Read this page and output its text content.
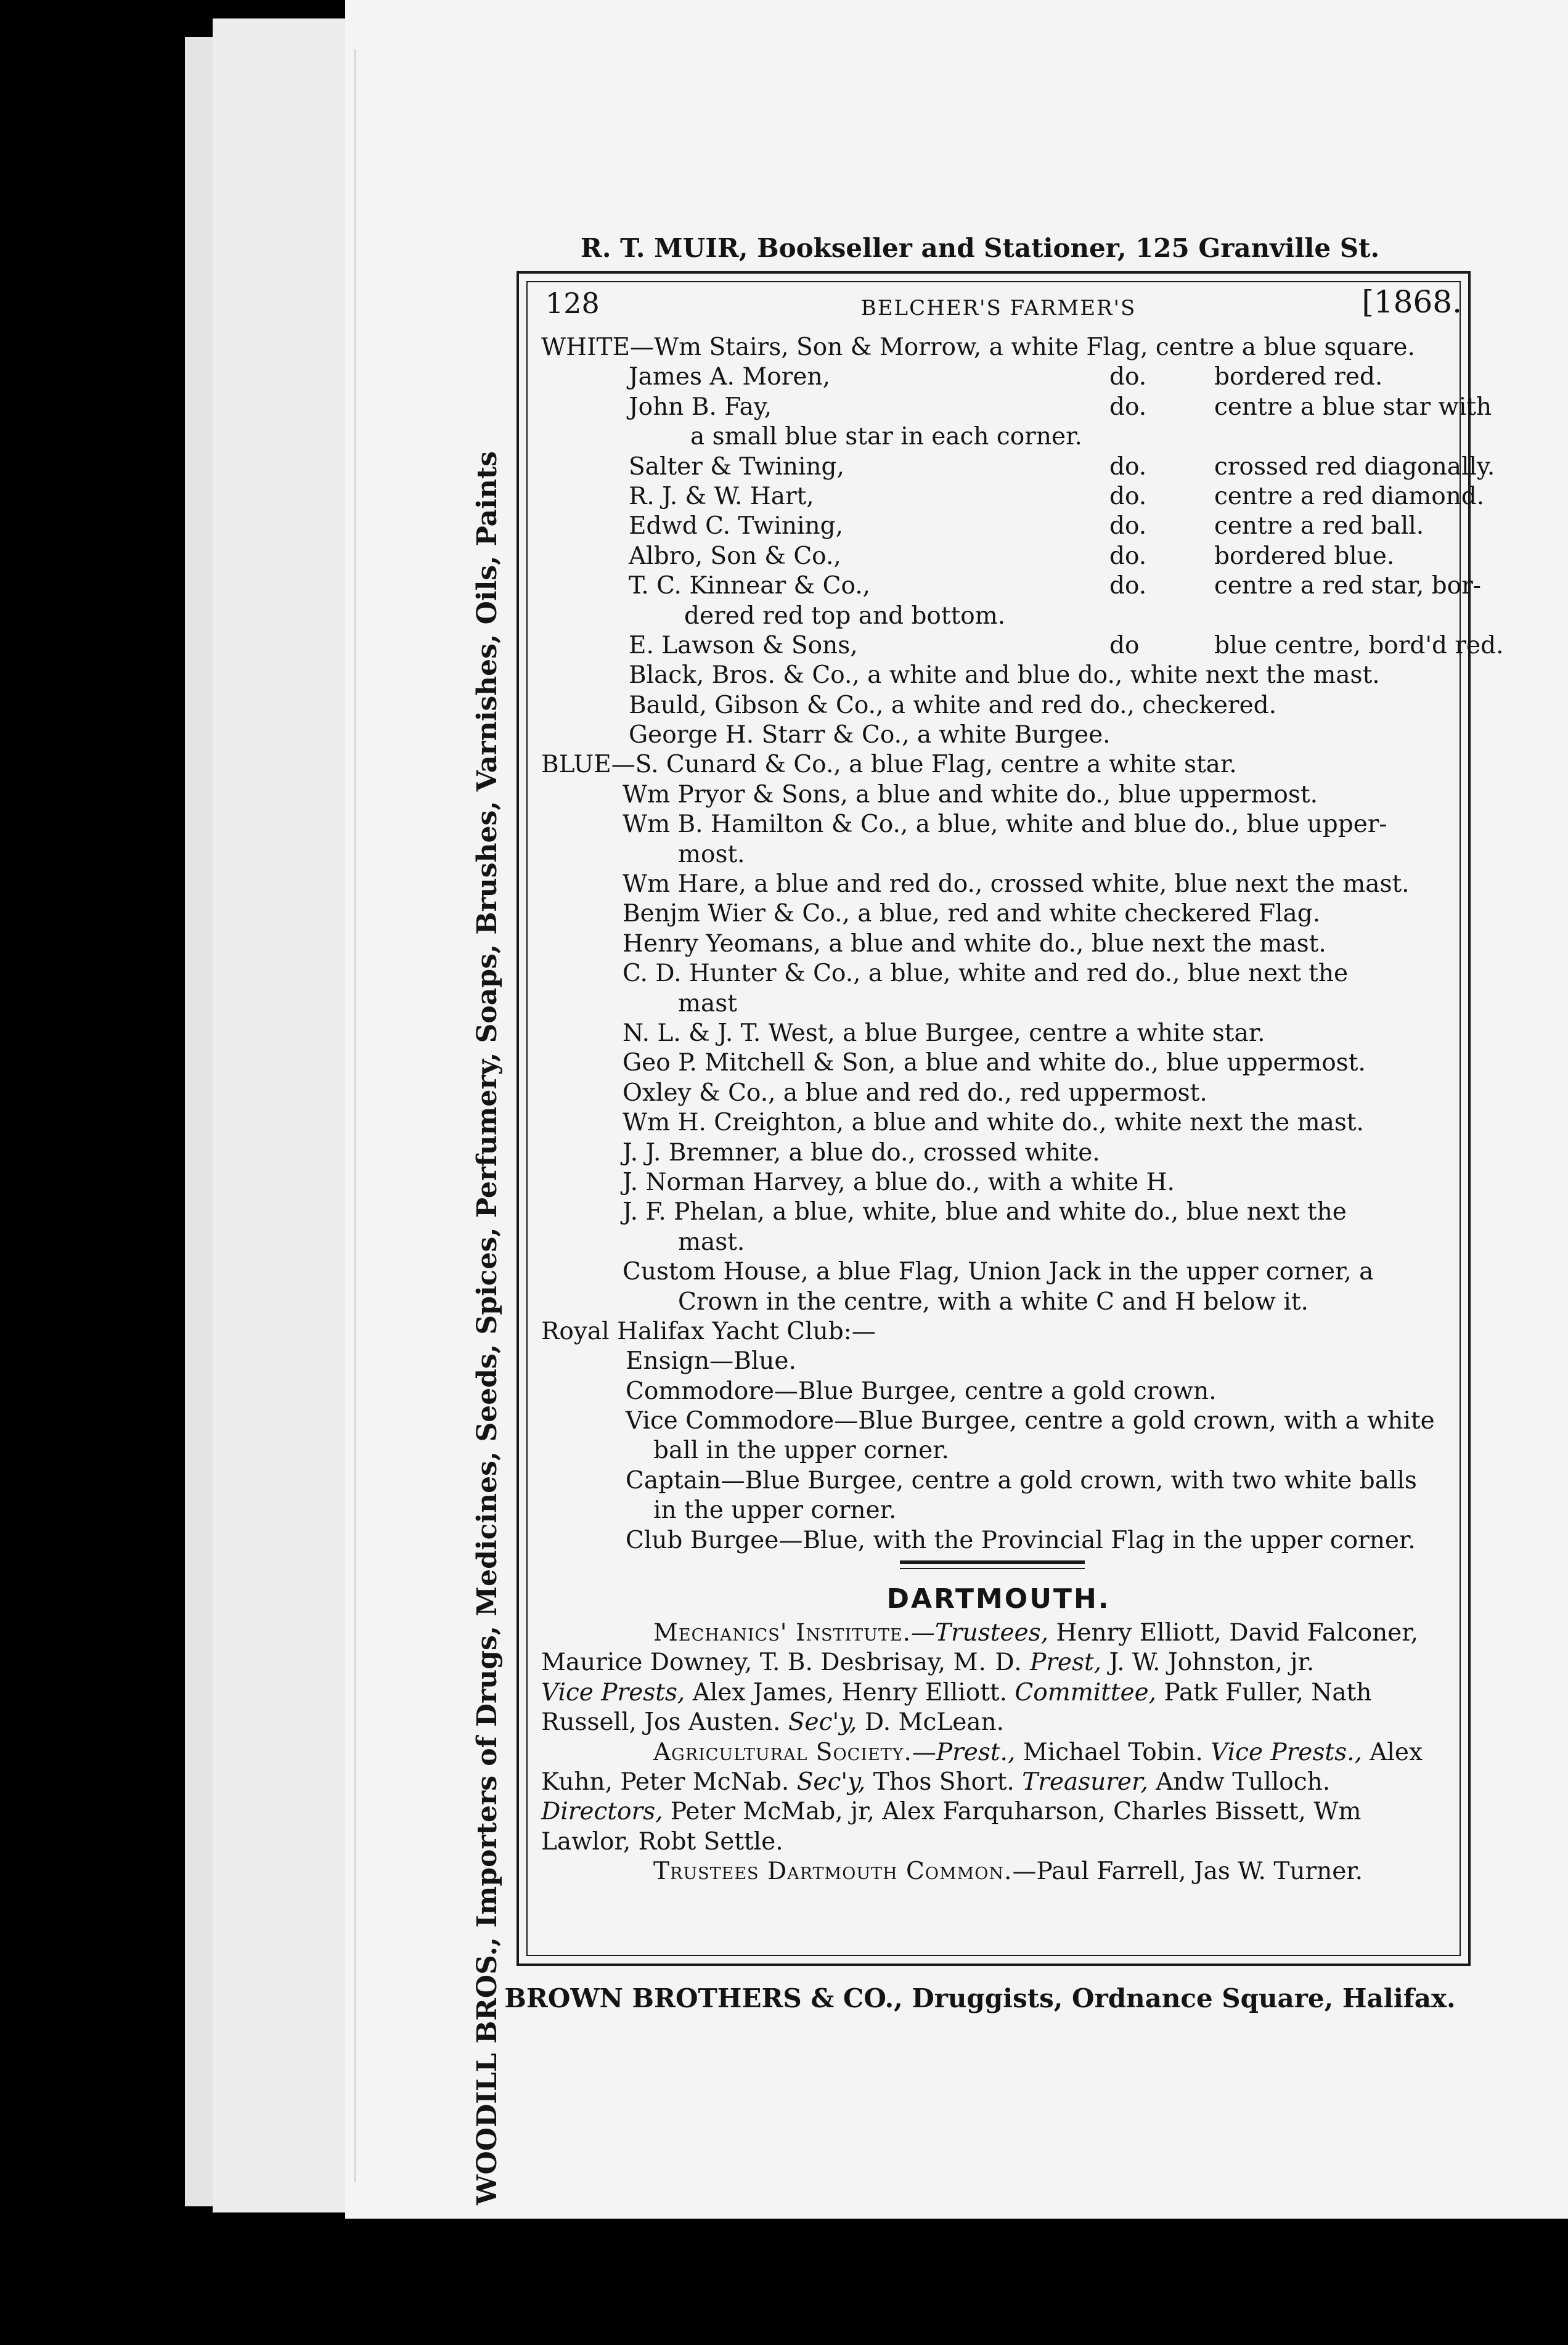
R. T. MUIR, Bookseller and Stationer, 125 Granville St.
WOODILL BROS., Importers of Drugs, Medicines, Seeds, Spices, Perfumery, Soaps, Brushes, Varnishes, Oils, Paints
128	BELCHER'S FARMER'S	[1868.
WHITE—Wm Stairs, Son & Morrow, a white Flag, centre a blue square.
James A. Moren,	do.	bordered red.
John B. Fay,	do.	centre a blue star with
a small blue star in each corner.
Salter & Twining,	do.	crossed red diagonally.
R. J. & W. Hart,	do.	centre a red diamond.
Edwd C. Twining,	do.	centre a red ball.
Albro, Son & Co.,	do.	bordered blue.
T. C. Kinnear & Co.,	do.	centre a red star, bor-
dered red top and bottom.
E. Lawson & Sons,	do	blue centre, bord'd red.
Black, Bros. & Co., a white and blue do., white next the mast.
Bauld, Gibson & Co., a white and red do., checkered.
George H. Starr & Co., a white Burgee.
BLUE—S. Cunard & Co., a blue Flag, centre a white star.
Wm Pryor & Sons, a blue and white do., blue uppermost.
Wm B. Hamilton & Co., a blue, white and blue do., blue upper-
most.
Wm Hare, a blue and red do., crossed white, blue next the mast.
Benjm Wier & Co., a blue, red and white checkered Flag.
Henry Yeomans, a blue and white do., blue next the mast.
C. D. Hunter & Co., a blue, white and red do., blue next the
mast
N. L. & J. T. West, a blue Burgee, centre a white star.
Geo P. Mitchell & Son, a blue and white do., blue uppermost.
Oxley & Co., a blue and red do., red uppermost.
Wm H. Creighton, a blue and white do., white next the mast.
J. J. Bremner, a blue do., crossed white.
J. Norman Harvey, a blue do., with a white H.
J. F. Phelan, a blue, white, blue and white do., blue next the
mast.
Custom House, a blue Flag, Union Jack in the upper corner, a
Crown in the centre, with a white C and H below it.
Royal Halifax Yacht Club:—
Ensign—Blue.
Commodore—Blue Burgee, centre a gold crown.
Vice Commodore—Blue Burgee, centre a gold crown, with a white
ball in the upper corner.
Captain—Blue Burgee, centre a gold crown, with two white balls
in the upper corner.
Club Burgee—Blue, with the Provincial Flag in the upper corner.
DARTMOUTH.
Mechanics' Institute.—Trustees, Henry Elliott, David Falconer,
Maurice Downey, T. B. Desbrisay, M. D. Prest, J. W. Johnston, jr.
Vice Prests, Alex James, Henry Elliott. Committee, Patk Fuller, Nath
Russell, Jos Austen. Sec'y, D. McLean.
Agricultural Society.—Prest., Michael Tobin. Vice Prests., Alex
Kuhn, Peter McNab. Sec'y, Thos Short. Treasurer, Andw Tulloch.
Directors, Peter McMab, jr, Alex Farquharson, Charles Bissett, Wm
Lawlor, Robt Settle.
Trustees Dartmouth Common.—Paul Farrell, Jas W. Turner.
BROWN BROTHERS & CO., Druggists, Ordnance Square, Halifax.
